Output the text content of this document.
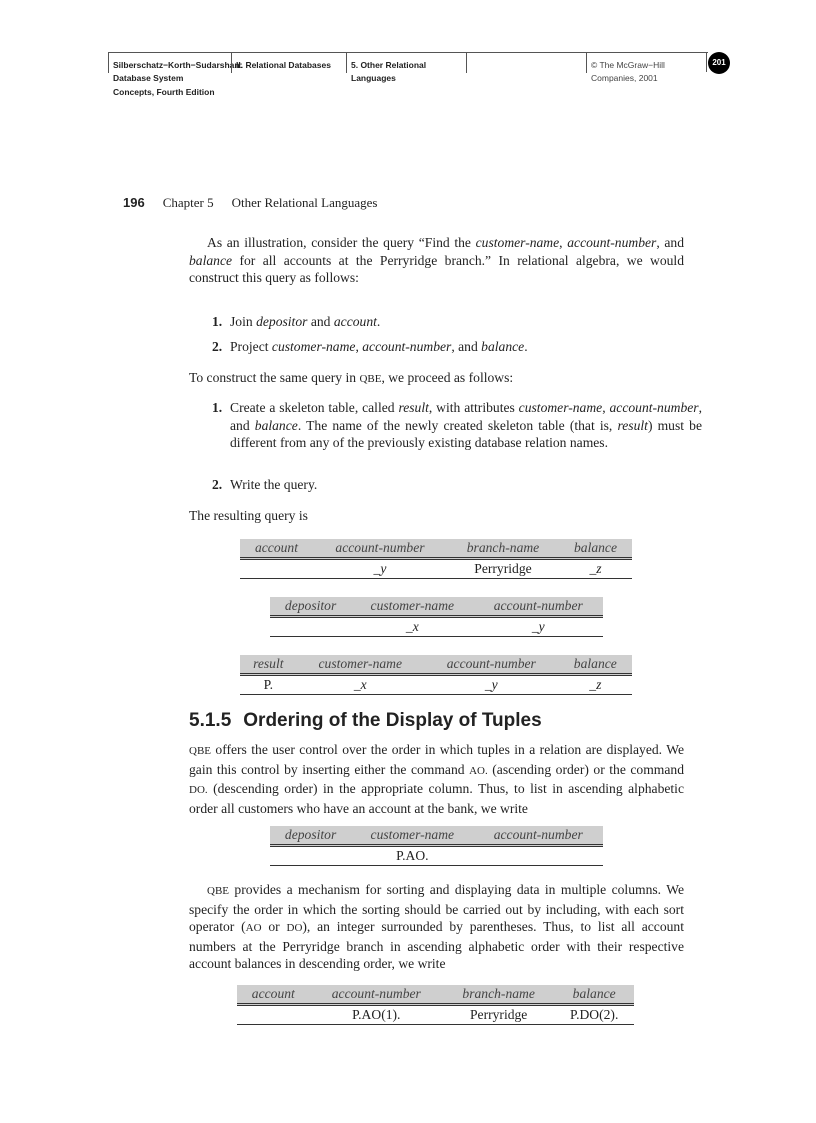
Silberschatz−Korth−Sudarshan:
Database System
Concepts, Fourth Edition
II. Relational Databases	5. Other Relational
Languages
© The McGraw−Hill
Companies, 2001
201
196 Chapter 5 Other Relational Languages

As an illustration, consider the query “Find the customer-name, account-number, and balance for all accounts at the Perryridge branch.” In relational algebra, we would construct this query as follows:

1. Join depositor and account.
2. Project customer-name, account-number, and balance.

To construct the same query in QBE, we proceed as follows:

1. Create a skeleton table, called result, with attributes customer-name, account-number, and balance. The name of the newly created skeleton table (that is, result) must be different from any of the previously existing database relation names.
2. Write the query.

The resulting query is

account	account-number	branch-name	balance
	_y	Perryridge	_z
depositor	customer-name	account-number
	_x	_y
result	customer-name	account-number	balance
P.	_x	_y	_z
5.1.5 Ordering of the Display of Tuples

QBE offers the user control over the order in which tuples in a relation are displayed. We gain this control by inserting either the command AO. (ascending order) or the command DO. (descending order) in the appropriate column. Thus, to list in ascending alphabetic order all customers who have an account at the bank, we write

depositor	customer-name	account-number
	P.AO.	

QBE provides a mechanism for sorting and displaying data in multiple columns. We specify the order in which the sorting should be carried out by including, with each sort operator (AO or DO), an integer surrounded by parentheses. Thus, to list all account numbers at the Perryridge branch in ascending alphabetic order with their respective account balances in descending order, we write

account	account-number	branch-name	balance
	P.AO(1).	Perryridge	P.DO(2).
